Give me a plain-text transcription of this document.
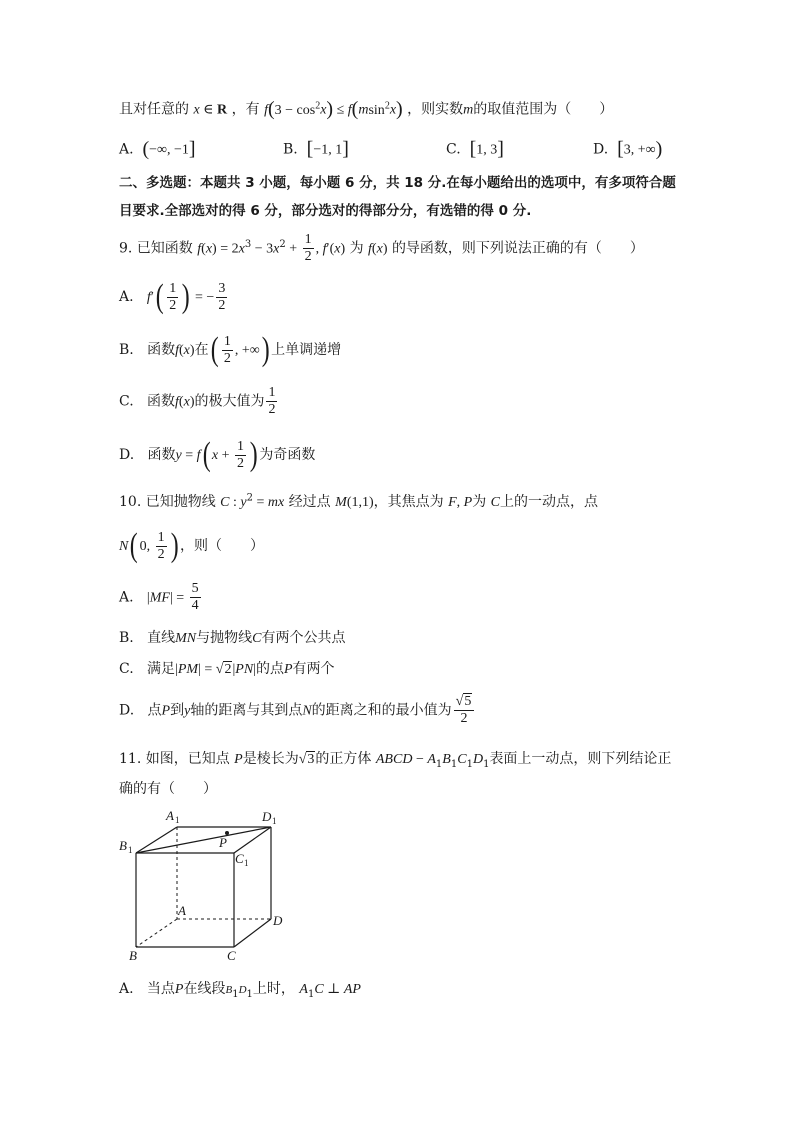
且对任意的 x ∈ R ，有 $f(3 - \cos^2x) \le f(msin^2x)$ ，则实数m的取值范围为（　　）
A. (−∞, −1]	B. [−1, 1]	C. [1, 3]	D. [3, +∞)
二、多选题：本题共 3 小题，每小题 6 分，共 18 分.在每小题给出的选项中，有多项符合题
目要求.全部选对的得 6 分，部分选对的得部分分，有选错的得 0 分.
9. 已知函数 $f(x) = 2x^3 - 3x^2 + \frac{1}{2}$ , f′(x) 为 f(x) 的导函数，则下列说法正确的有（　　）
A. $f'( \frac{1}{2}$ ) = − $\frac{3}{2}$
B. 函数f(x)在( $\frac{1}{2}$ , +∞) 上单调递增
C. 函数f(x)的极大值为 $\frac{1}{2}$
D. 函数y = f( $x + \frac{1}{2}$ ) 为奇函数
10. 已知抛物线 C : $y^2$ = mx 经过点 M(1,1)，其焦点为 F, P为 C上的一动点，点
N( 0, $\frac{1}{2}$ ) ，则（　　）
A. $|MF| = \frac{5}{4}$
B. 直线MN与抛物线C有两个公共点
C. 满足|PM| = √2|PN|的点P有两个
D. 点P到y轴的距离与其到点N的距离之和的最小值为 $\frac{√5}{2}$
11. 如图，已知点 P是棱长为√3的正方体 ABCD − $A_1B_1C_1D_1$表面上一动点，则下列结论正
确的有（　　）
A 1
B 1
D 1
P
C 1
A
D
B	C
A. 当点P在线段$B_1D_1$上时， $A_1C$ ⊥ AP
